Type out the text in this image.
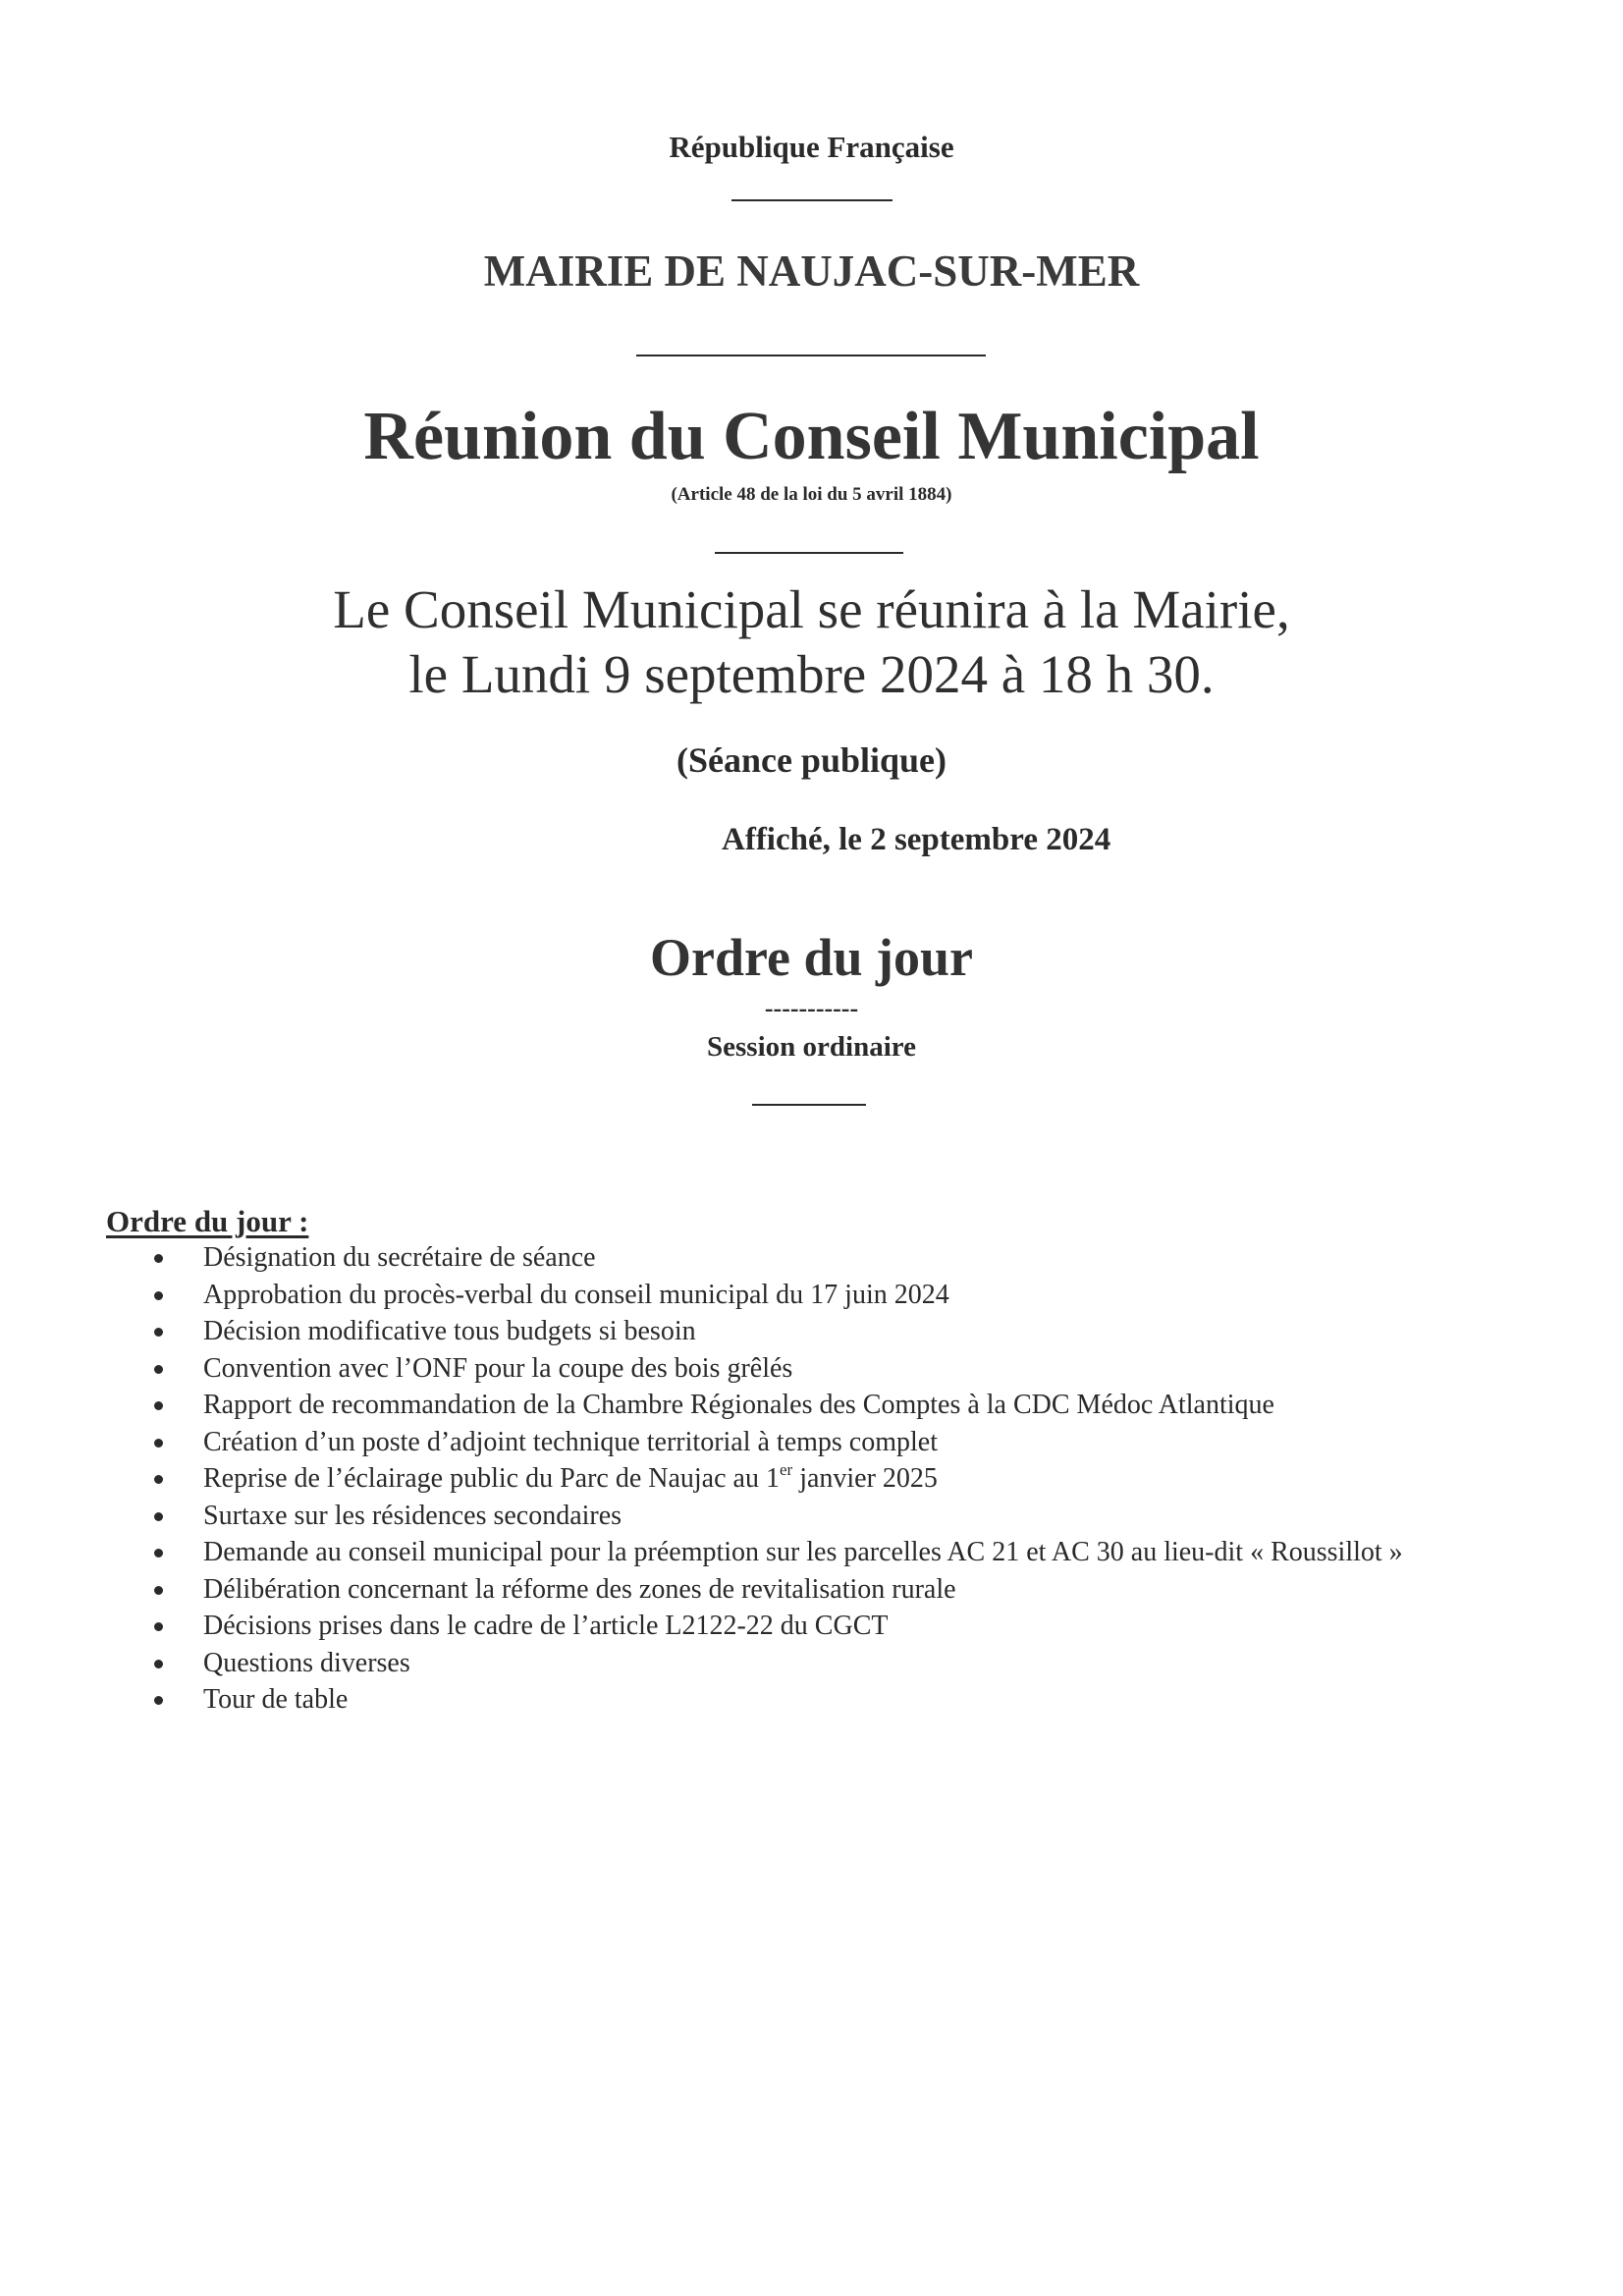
République Française
MAIRIE DE NAUJAC-SUR-MER
Réunion du Conseil Municipal
(Article 48 de la loi du 5 avril 1884)
Le Conseil Municipal se réunira à la Mairie,
le Lundi 9 septembre 2024 à 18 h 30.
(Séance publique)
Affiché, le 2 septembre 2024
Ordre du jour
-----------
Session ordinaire
Ordre du jour :
Désignation du secrétaire de séance
Approbation du procès-verbal du conseil municipal du 17 juin 2024
Décision modificative tous budgets si besoin
Convention avec l’ONF pour la coupe des bois grêlés
Rapport de recommandation de la Chambre Régionales des Comptes à la CDC Médoc Atlantique
Création d’un poste d’adjoint technique territorial à temps complet
Reprise de l’éclairage public du Parc de Naujac au 1er janvier 2025
Surtaxe sur les résidences secondaires
Demande au conseil municipal pour la préemption sur les parcelles AC 21 et AC 30 au lieu-dit « Roussillot »
Délibération concernant la réforme des zones de revitalisation rurale
Décisions prises dans le cadre de l’article L2122-22 du CGCT
Questions diverses
Tour de table
